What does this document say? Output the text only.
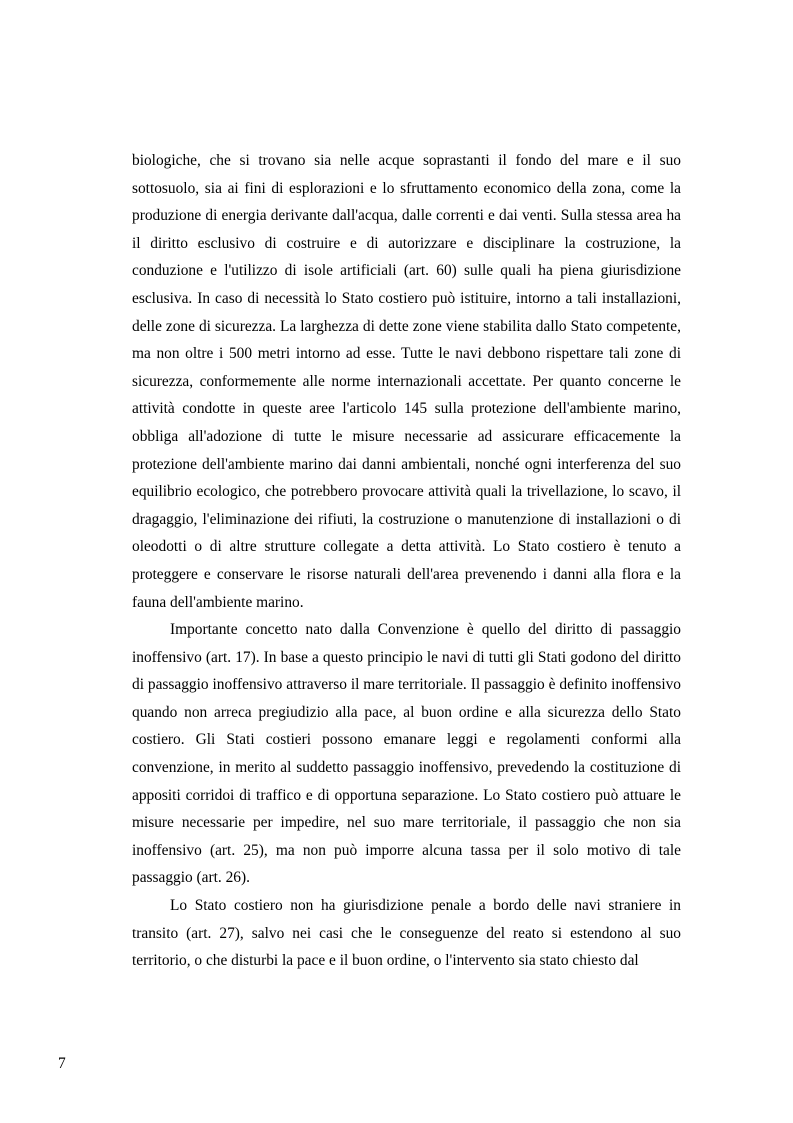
biologiche, che si trovano sia nelle acque soprastanti il fondo del mare e il suo sottosuolo, sia ai fini di esplorazioni e lo sfruttamento economico della zona, come la produzione di energia derivante dall'acqua, dalle correnti e dai venti. Sulla stessa area ha il diritto esclusivo di costruire e di autorizzare e disciplinare la costruzione, la conduzione e l'utilizzo di isole artificiali (art. 60) sulle quali ha piena giurisdizione esclusiva. In caso di necessità lo Stato costiero può istituire, intorno a tali installazioni, delle zone di sicurezza. La larghezza di dette zone viene stabilita dallo Stato competente, ma non oltre i 500 metri intorno ad esse. Tutte le navi debbono rispettare tali zone di sicurezza, conformemente alle norme internazionali accettate. Per quanto concerne le attività condotte in queste aree l'articolo 145 sulla protezione dell'ambiente marino, obbliga all'adozione di tutte le misure necessarie ad assicurare efficacemente la protezione dell'ambiente marino dai danni ambientali, nonché ogni interferenza del suo equilibrio ecologico, che potrebbero provocare attività quali la trivellazione, lo scavo, il dragaggio, l'eliminazione dei rifiuti, la costruzione o manutenzione di installazioni o di oleodotti o di altre strutture collegate a detta attività. Lo Stato costiero è tenuto a proteggere e conservare le risorse naturali dell'area prevenendo i danni alla flora e la fauna dell'ambiente marino.

Importante concetto nato dalla Convenzione è quello del diritto di passaggio inoffensivo (art. 17). In base a questo principio le navi di tutti gli Stati godono del diritto di passaggio inoffensivo attraverso il mare territoriale. Il passaggio è definito inoffensivo quando non arreca pregiudizio alla pace, al buon ordine e alla sicurezza dello Stato costiero. Gli Stati costieri possono emanare leggi e regolamenti conformi alla convenzione, in merito al suddetto passaggio inoffensivo, prevedendo la costituzione di appositi corridoi di traffico e di opportuna separazione. Lo Stato costiero può attuare le misure necessarie per impedire, nel suo mare territoriale, il passaggio che non sia inoffensivo (art. 25), ma non può imporre alcuna tassa per il solo motivo di tale passaggio (art. 26).

Lo Stato costiero non ha giurisdizione penale a bordo delle navi straniere in transito (art. 27), salvo nei casi che le conseguenze del reato si estendono al suo territorio, o che disturbi la pace e il buon ordine, o l'intervento sia stato chiesto dal

7
